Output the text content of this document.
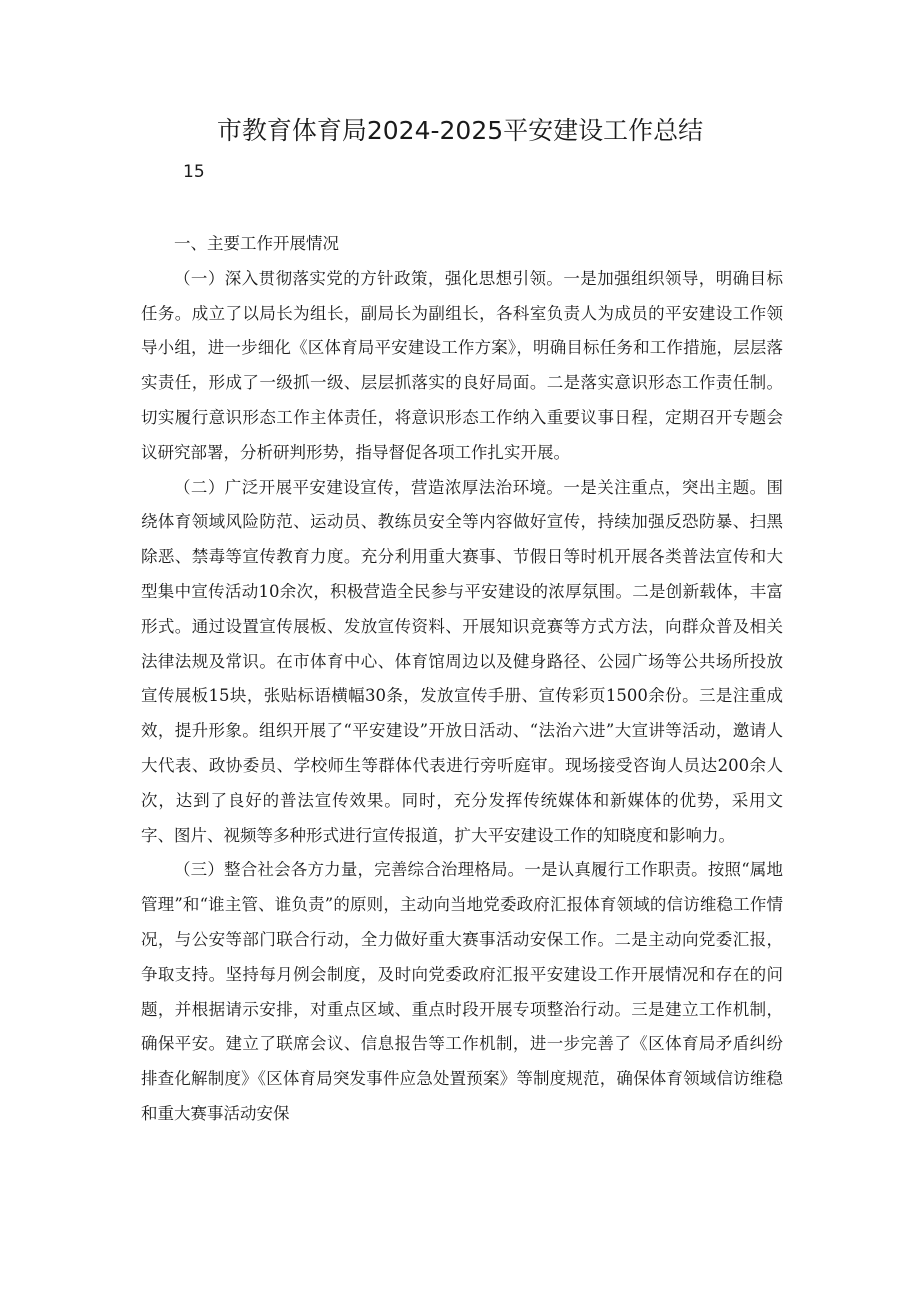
市教育体育局2024-2025平安建设工作总结
15

一、主要工作开展情况

（一）深入贯彻落实党的方针政策，强化思想引领。一是加强组织领导，明确目标任务。成立了以局长为组长，副局长为副组长，各科室负责人为成员的平安建设工作领导小组，进一步细化《区体育局平安建设工作方案》，明确目标任务和工作措施，层层落实责任，形成了一级抓一级、层层抓落实的良好局面。二是落实意识形态工作责任制。切实履行意识形态工作主体责任，将意识形态工作纳入重要议事日程，定期召开专题会议研究部署，分析研判形势，指导督促各项工作扎实开展。

（二）广泛开展平安建设宣传，营造浓厚法治环境。一是关注重点，突出主题。围绕体育领域风险防范、运动员、教练员安全等内容做好宣传，持续加强反恐防暴、扫黑除恶、禁毒等宣传教育力度。充分利用重大赛事、节假日等时机开展各类普法宣传和大型集中宣传活动10余次，积极营造全民参与平安建设的浓厚氛围。二是创新载体，丰富形式。通过设置宣传展板、发放宣传资料、开展知识竞赛等方式方法，向群众普及相关法律法规及常识。在市体育中心、体育馆周边以及健身路径、公园广场等公共场所投放宣传展板15块，张贴标语横幅30条，发放宣传手册、宣传彩页1500余份。三是注重成效，提升形象。组织开展了“平安建设”开放日活动、“法治六进”大宣讲等活动，邀请人大代表、政协委员、学校师生等群体代表进行旁听庭审。现场接受咨询人员达200余人次，达到了良好的普法宣传效果。同时，充分发挥传统媒体和新媒体的优势，采用文字、图片、视频等多种形式进行宣传报道，扩大平安建设工作的知晓度和影响力。

（三）整合社会各方力量，完善综合治理格局。一是认真履行工作职责。按照“属地管理”和“谁主管、谁负责”的原则，主动向当地党委政府汇报体育领域的信访维稳工作情况，与公安等部门联合行动，全力做好重大赛事活动安保工作。二是主动向党委汇报，争取支持。坚持每月例会制度，及时向党委政府汇报平安建设工作开展情况和存在的问题，并根据请示安排，对重点区域、重点时段开展专项整治行动。三是建立工作机制，确保平安。建立了联席会议、信息报告等工作机制，进一步完善了《区体育局矛盾纠纷排查化解制度》《区体育局突发事件应急处置预案》等制度规范，确保体育领域信访维稳和重大赛事活动安保
